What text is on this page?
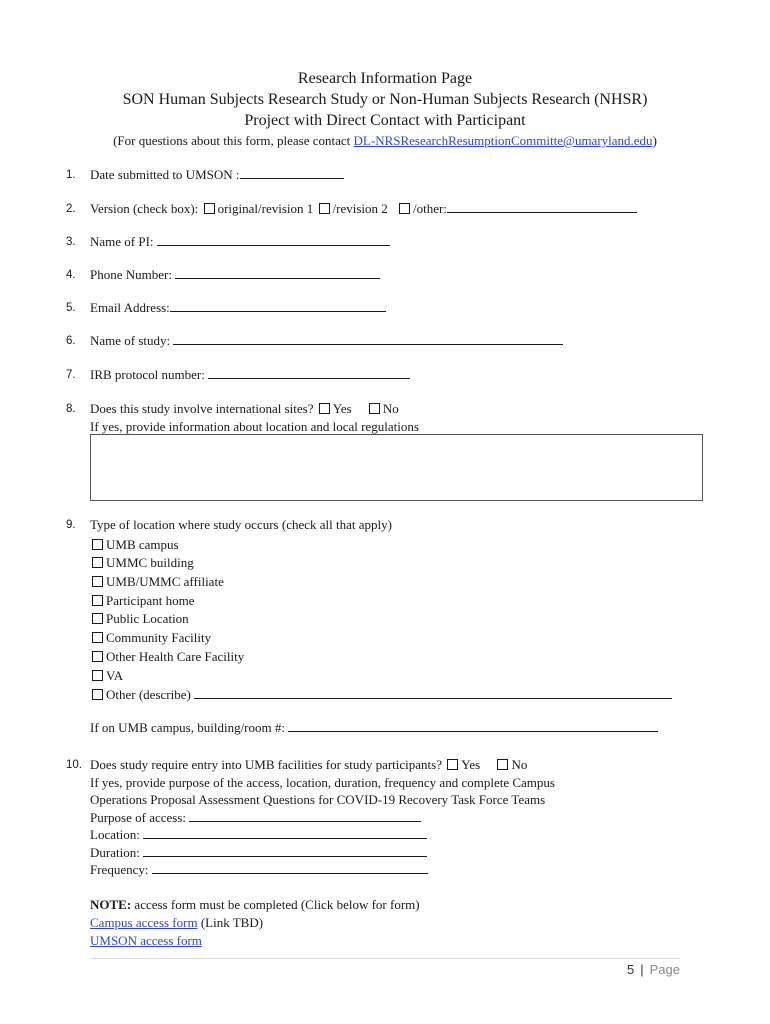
Research Information Page
SON Human Subjects Research Study or Non-Human Subjects Research (NHSR)
Project with Direct Contact with Participant
(For questions about this form, please contact DL-NRSResearchResumptionCommitte@umaryland.edu)
1.	Date submitted to UMSON :
2.	Version (check box): original/revision 1 /revision 2 /other:
3.	Name of PI:
4.	Phone Number:
5.	Email Address:
6.	Name of study:
7.	IRB protocol number:
8.	Does this study involve international sites? Yes No
If yes, provide information about location and local regulations
9.	Type of location where study occurs (check all that apply)
UMB campus
UMMC building
UMB/UMMC affiliate
Participant home
Public Location
Community Facility
Other Health Care Facility
VA
Other (describe)
If on UMB campus, building/room #:
10. Does study require entry into UMB facilities for study participants? Yes No
If yes, provide purpose of the access, location, duration, frequency and complete Campus
Operations Proposal Assessment Questions for COVID-19 Recovery Task Force Teams
Purpose of access:
Location:
Duration:
Frequency:
NOTE: access form must be completed (Click below for form)
Campus access form (Link TBD)
UMSON access form
5 | Page
